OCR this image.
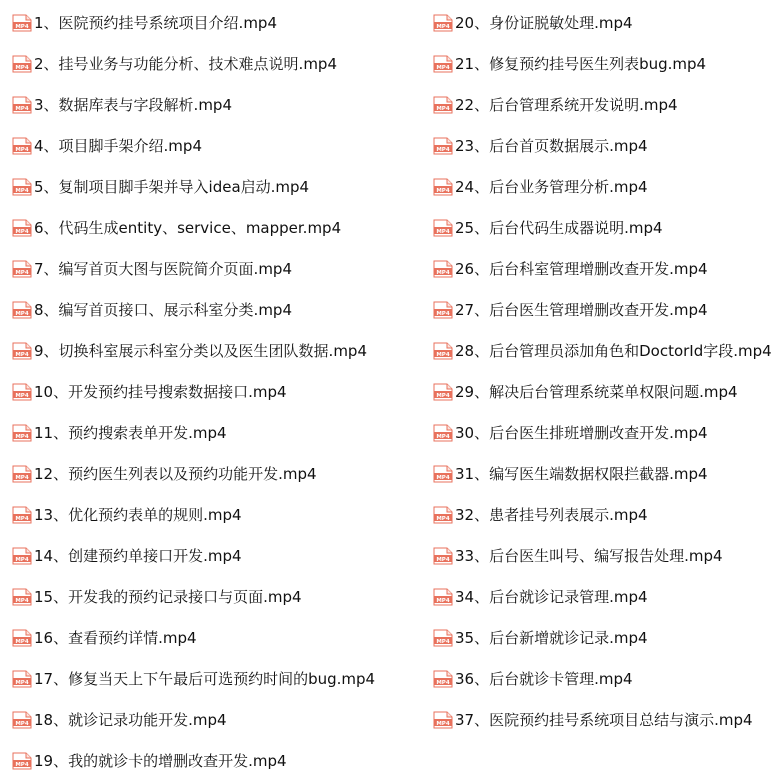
MP4 1、医院预约挂号系统项目介绍.mp4
MP4 2、挂号业务与功能分析、技术难点说明.mp4
MP4 3、数据库表与字段解析.mp4
MP4 4、项目脚手架介绍.mp4
MP4 5、复制项目脚手架并导入idea启动.mp4
MP4 6、代码生成entity、service、mapper.mp4
MP4 7、编写首页大图与医院简介页面.mp4
MP4 8、编写首页接口、展示科室分类.mp4
MP4 9、切换科室展示科室分类以及医生团队数据.mp4
MP4 10、开发预约挂号搜索数据接口.mp4
MP4 11、预约搜索表单开发.mp4
MP4 12、预约医生列表以及预约功能开发.mp4
MP4 13、优化预约表单的规则.mp4
MP4 14、创建预约单接口开发.mp4
MP4 15、开发我的预约记录接口与页面.mp4
MP4 16、查看预约详情.mp4
MP4 17、修复当天上下午最后可选预约时间的bug.mp4
MP4 18、就诊记录功能开发.mp4
MP4 19、我的就诊卡的增删改查开发.mp4
MP4 20、身份证脱敏处理.mp4
MP4 21、修复预约挂号医生列表bug.mp4
MP4 22、后台管理系统开发说明.mp4
MP4 23、后台首页数据展示.mp4
MP4 24、后台业务管理分析.mp4
MP4 25、后台代码生成器说明.mp4
MP4 26、后台科室管理增删改查开发.mp4
MP4 27、后台医生管理增删改查开发.mp4
MP4 28、后台管理员添加角色和DoctorId字段.mp4
MP4 29、解决后台管理系统菜单权限问题.mp4
MP4 30、后台医生排班增删改查开发.mp4
MP4 31、编写医生端数据权限拦截器.mp4
MP4 32、患者挂号列表展示.mp4
MP4 33、后台医生叫号、编写报告处理.mp4
MP4 34、后台就诊记录管理.mp4
MP4 35、后台新增就诊记录.mp4
MP4 36、后台就诊卡管理.mp4
MP4 37、医院预约挂号系统项目总结与演示.mp4
